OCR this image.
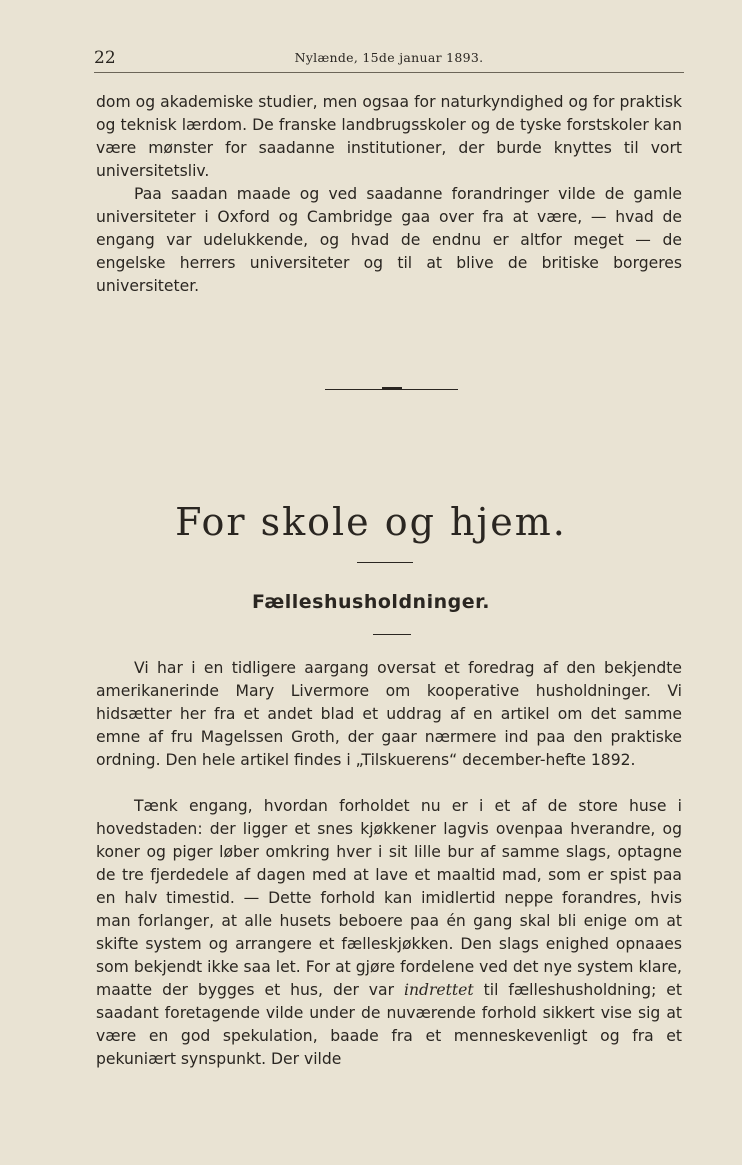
22	Nylænde, 15de januar 1893.

dom og akademiske studier, men ogsaa for naturkyndighed og for praktisk og teknisk lærdom. De franske landbrugsskoler og de tyske forstskoler kan være mønster for saadanne institutioner, der burde knyttes til vort universitetsliv.

Paa saadan maade og ved saadanne forandringer vilde de gamle universiteter i Oxford og Cambridge gaa over fra at være, — hvad de engang var udelukkende, og hvad de endnu er altfor meget — de engelske herrers universiteter og til at blive de britiske borgeres universiteter.

For skole og hjem.
Fælleshusholdninger.

Vi har i en tidligere aargang oversat et foredrag af den bekjendte amerikanerinde Mary Livermore om kooperative husholdninger. Vi hidsætter her fra et andet blad et uddrag af en artikel om det samme emne af fru Magelssen Groth, der gaar nærmere ind paa den praktiske ordning. Den hele artikel findes i „Tilskuerens“ december-hefte 1892.

Tænk engang, hvordan forholdet nu er i et af de store huse i hovedstaden: der ligger et snes kjøkkener lagvis ovenpaa hverandre, og koner og piger løber omkring hver i sit lille bur af samme slags, optagne de tre fjerdedele af dagen med at lave et maaltid mad, som er spist paa en halv timestid. — Dette forhold kan imidlertid neppe forandres, hvis man forlanger, at alle husets beboere paa én gang skal bli enige om at skifte system og arrangere et fælleskjøkken. Den slags enighed opnaaes som bekjendt ikke saa let. For at gjøre fordelene ved det nye system klare, maatte der bygges et hus, der var indrettet til fælleshusholdning; et saadant foretagende vilde under de nuværende forhold sikkert vise sig at være en god spekulation, baade fra et menneskevenligt og fra et pekuniært synspunkt. Der vilde
